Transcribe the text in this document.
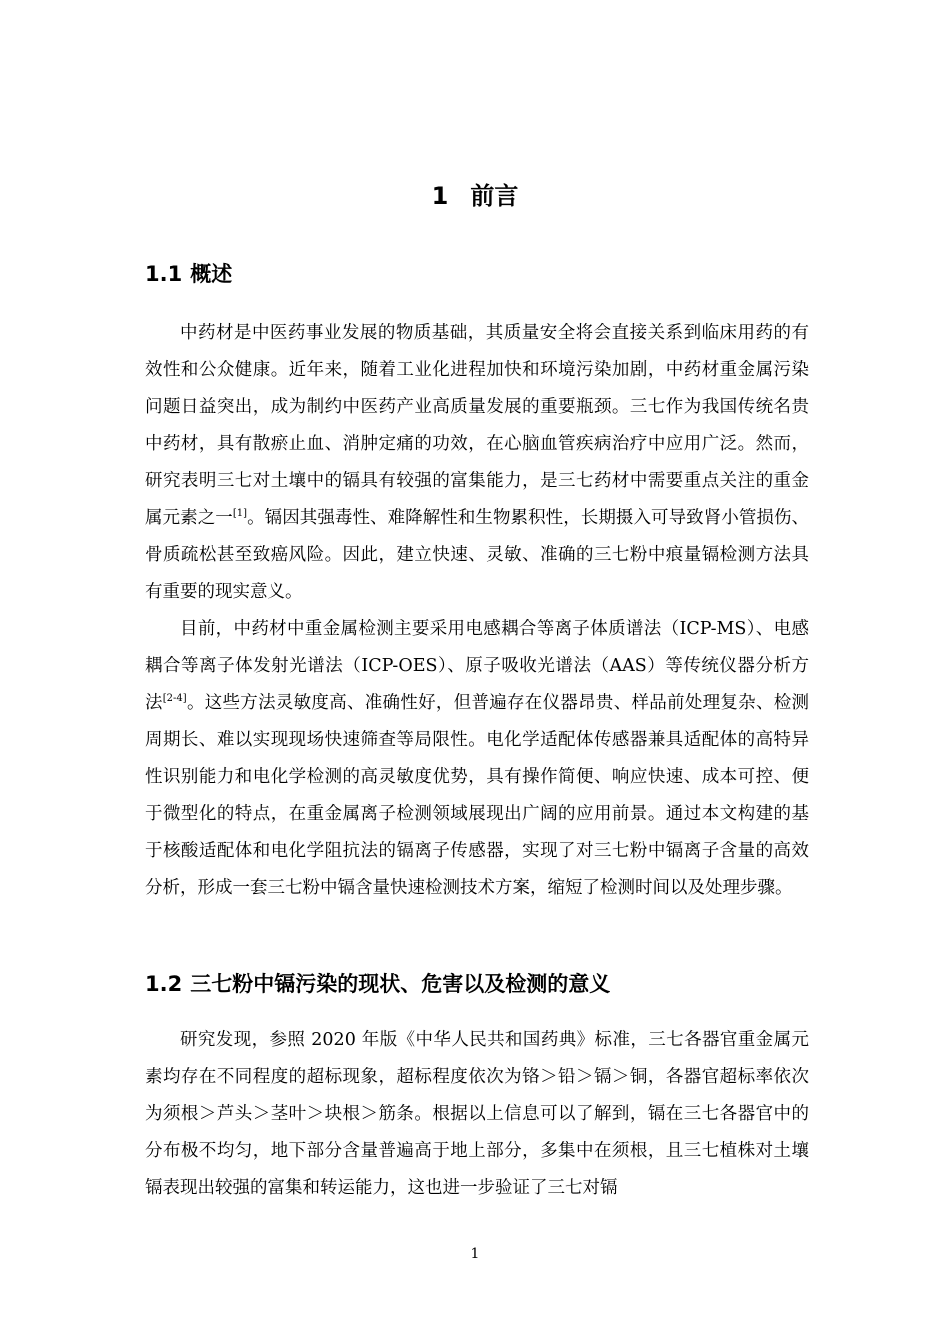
1 前言
1.1 概述

中药材是中医药事业发展的物质基础，其质量安全将会直接关系到临床用药的有效性和公众健康。近年来，随着工业化进程加快和环境污染加剧，中药材重金属污染问题日益突出，成为制约中医药产业高质量发展的重要瓶颈。三七作为我国传统名贵中药材，具有散瘀止血、消肿定痛的功效，在心脑血管疾病治疗中应用广泛。然而，研究表明三七对土壤中的镉具有较强的富集能力，是三七药材中需要重点关注的重金属元素之一[1]。镉因其强毒性、难降解性和生物累积性，长期摄入可导致肾小管损伤、骨质疏松甚至致癌风险。因此，建立快速、灵敏、准确的三七粉中痕量镉检测方法具有重要的现实意义。

目前，中药材中重金属检测主要采用电感耦合等离子体质谱法（ICP-MS）、电感耦合等离子体发射光谱法（ICP-OES）、原子吸收光谱法（AAS）等传统仪器分析方法[2-4]。这些方法灵敏度高、准确性好，但普遍存在仪器昂贵、样品前处理复杂、检测周期长、难以实现现场快速筛查等局限性。电化学适配体传感器兼具适配体的高特异性识别能力和电化学检测的高灵敏度优势，具有操作简便、响应快速、成本可控、便于微型化的特点，在重金属离子检测领域展现出广阔的应用前景。通过本文构建的基于核酸适配体和电化学阻抗法的镉离子传感器，实现了对三七粉中镉离子含量的高效分析，形成一套三七粉中镉含量快速检测技术方案，缩短了检测时间以及处理步骤。

1.2 三七粉中镉污染的现状、危害以及检测的意义

研究发现，参照 2020 年版《中华人民共和国药典》标准，三七各器官重金属元素均存在不同程度的超标现象，超标程度依次为铬＞铅＞镉＞铜，各器官超标率依次为须根＞芦头＞茎叶＞块根＞筋条。根据以上信息可以了解到，镉在三七各器官中的分布极不均匀，地下部分含量普遍高于地上部分，多集中在须根，且三七植株对土壤镉表现出较强的富集和转运能力，这也进一步验证了三七对镉

1
